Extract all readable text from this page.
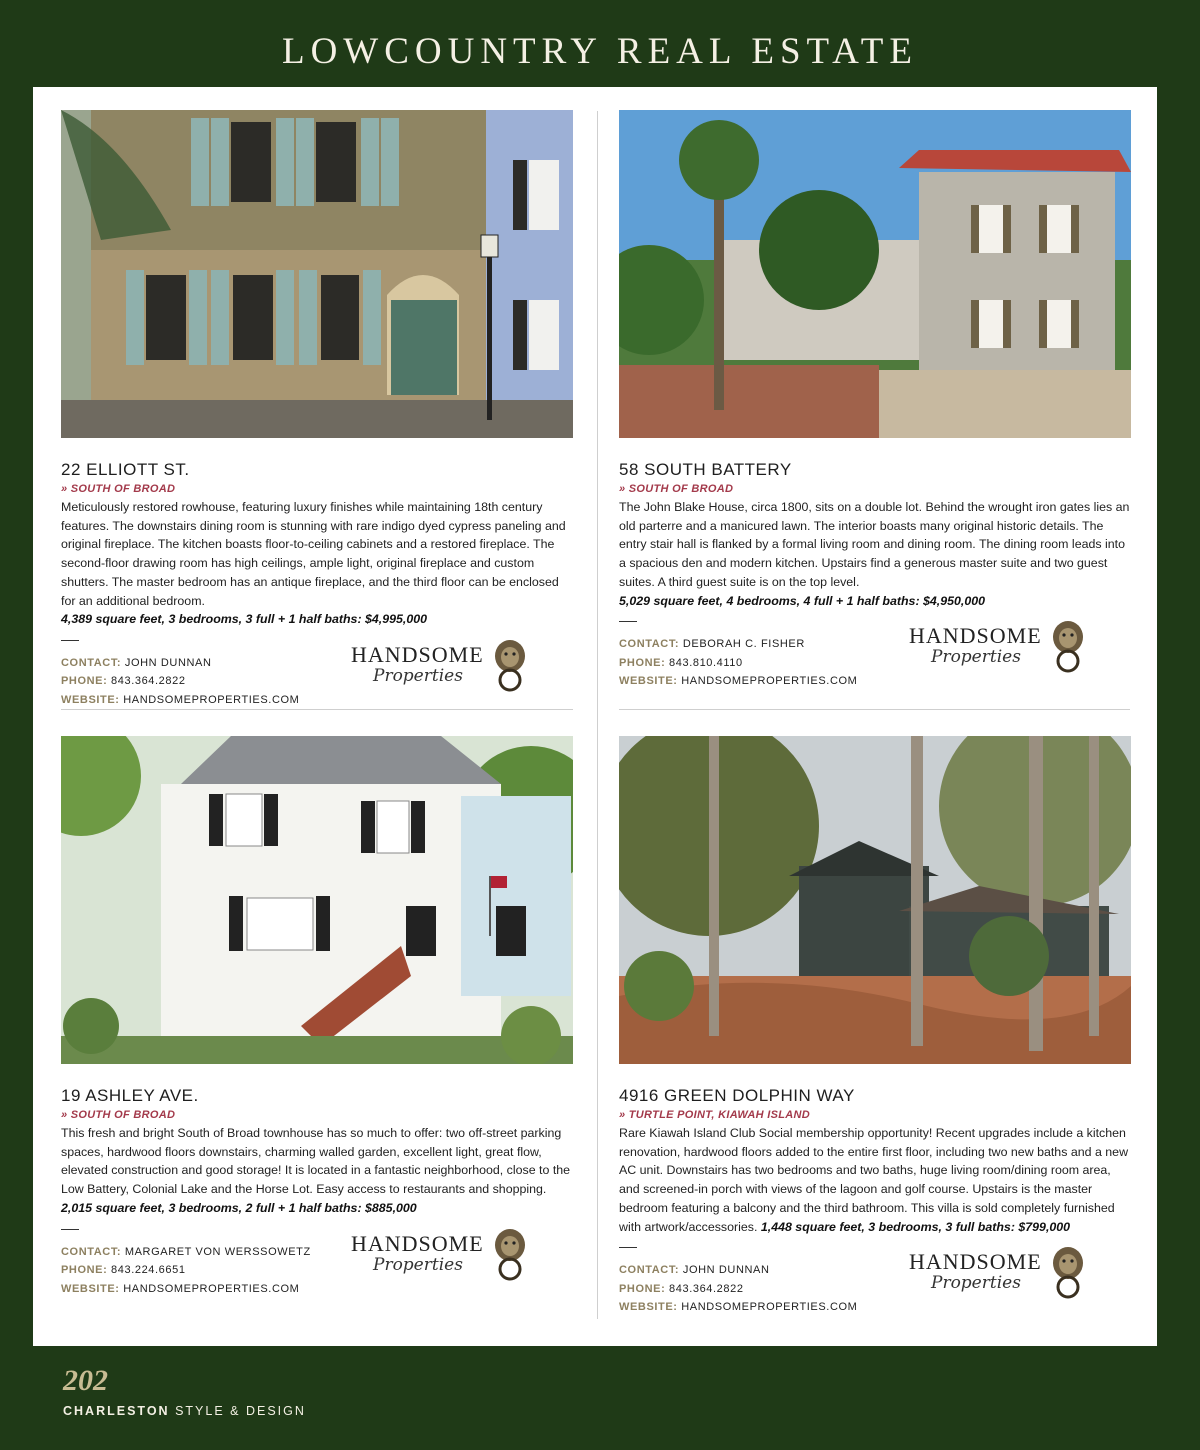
LOWCOUNTRY REAL ESTATE
22 ELLIOTT ST.
» SOUTH OF BROAD
Meticulously restored rowhouse, featuring luxury finishes while maintaining 18th century features. The downstairs dining room is stunning with rare indigo dyed cypress paneling and original fireplace. The kitchen boasts floor-to-ceiling cabinets and a restored fireplace. The second-floor drawing room has high ceilings, ample light, original fireplace and custom shutters. The master bedroom has an antique fireplace, and the third floor can be enclosed for an additional bedroom.
4,389 square feet, 3 bedrooms, 3 full + 1 half baths: $4,995,000
CONTACT: JOHN DUNNAN
PHONE: 843.364.2822
WEBSITE: HANDSOMEPROPERTIES.COM
HANDSOME
Properties
58 SOUTH BATTERY
» SOUTH OF BROAD
The John Blake House, circa 1800, sits on a double lot. Behind the wrought iron gates lies an old parterre and a manicured lawn. The interior boasts many original historic details. The entry stair hall is flanked by a formal living room and dining room. The dining room leads into a spacious den and modern kitchen. Upstairs find a generous master suite and two guest suites. A third guest suite is on the top level.
5,029 square feet, 4 bedrooms, 4 full + 1 half baths: $4,950,000
CONTACT: DEBORAH C. FISHER
PHONE: 843.810.4110
WEBSITE: HANDSOMEPROPERTIES.COM
HANDSOME
Properties
19 ASHLEY AVE.
» SOUTH OF BROAD
This fresh and bright South of Broad townhouse has so much to offer: two off-street parking spaces, hardwood floors downstairs, charming walled garden, excellent light, great flow, elevated construction and good storage! It is located in a fantastic neighborhood, close to the Low Battery, Colonial Lake and the Horse Lot. Easy access to restaurants and shopping.
2,015 square feet, 3 bedrooms, 2 full + 1 half baths: $885,000
CONTACT: MARGARET VON WERSSOWETZ
PHONE: 843.224.6651
WEBSITE: HANDSOMEPROPERTIES.COM
HANDSOME
Properties
4916 GREEN DOLPHIN WAY
» TURTLE POINT, KIAWAH ISLAND
Rare Kiawah Island Club Social membership opportunity! Recent upgrades include a kitchen renovation, hardwood floors added to the entire first floor, including two new baths and a new AC unit. Downstairs has two bedrooms and two baths, huge living room/dining room area, and screened-in porch with views of the lagoon and golf course. Upstairs is the master bedroom featuring a balcony and the third bathroom. This villa is sold completely furnished with artwork/accessories. 1,448 square feet, 3 bedrooms, 3 full baths: $799,000
CONTACT: JOHN DUNNAN
PHONE: 843.364.2822
WEBSITE: HANDSOMEPROPERTIES.COM
HANDSOME
Properties
202
CHARLESTON STYLE & DESIGN
